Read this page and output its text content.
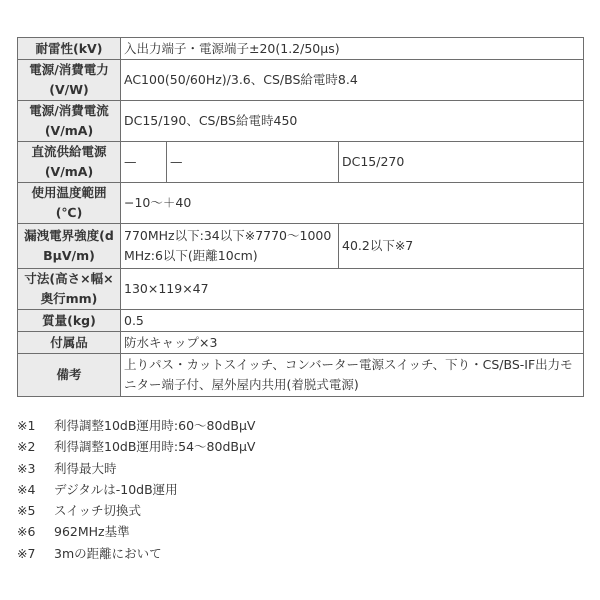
耐雷性(kV)	入出力端子・電源端子±20(1.2/50μs)		

電源/消費電力
(V/W)	AC100(50/60Hz)/3.6、CS/BS給電時8.4		

電源/消費電流
(V/mA)	DC15/190、CS/BS給電時450		

直流供給電源
(V/mA)	—	—	DC15/270

使用温度範囲
(℃)	−10〜＋40		

漏洩電界強度(d
BμV/m)	770MHz以下:34以下※7770〜1000MHz:6以下(距離10cm)		40.2以下※7

寸法(高さ×幅×
奥行mm)	130×119×47		
質量(kg)	0.5		
付属品	防水キャップ×3		
備考	上りパス・カットスイッチ、コンバーター電源スイッチ、下り・CS/BS-IF出力モニター端子付、屋外屋内共用(着脱式電源)		
※1 利得調整10dB運用時:60〜80dBμV
※2 利得調整10dB運用時:54〜80dBμV
※3 利得最大時
※4 デジタルは-10dB運用
※5 スイッチ切換式
※6 962MHz基準
※7 3mの距離において
